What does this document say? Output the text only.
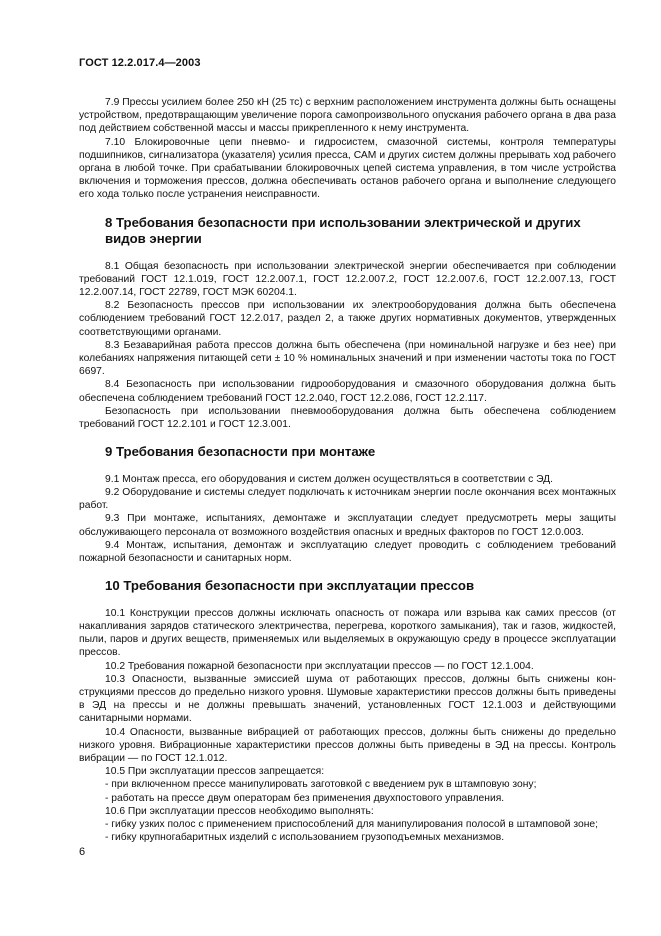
ГОСТ 12.2.017.4—2003

7.9 Прессы усилием более 250 кН (25 тс) с верхним расположением инструмента должны быть оснащены устройством, предотвращающим увеличение порога самопроизвольного опускания рабочего органа в два раза под действием собственной массы и массы прикрепленного к нему инструмента.

7.10 Блокировочные цепи пневмо- и гидросистем, смазочной системы, контроля температуры подшипников, сигнализатора (указателя) усилия пресса, САМ и других систем должны прерывать ход рабочего органа в любой точке. При срабатывании блокировочных цепей система управления, в том числе устройства включения и торможения прессов, должна обеспечивать останов рабочего органа и выполнение следующего его хода только после устранения неисправности.

8 Требования безопасности при использовании электрической и других видов энергии

8.1 Общая безопасность при использовании электрической энергии обеспечивается при соблюдении требований ГОСТ 12.1.019, ГОСТ 12.2.007.1, ГОСТ 12.2.007.2, ГОСТ 12.2.007.6, ГОСТ 12.2.007.13, ГОСТ 12.2.007.14, ГОСТ 22789, ГОСТ МЭК 60204.1.

8.2 Безопасность прессов при использовании их электрооборудования должна быть обеспечена соблюдением требований ГОСТ 12.2.017, раздел 2, а также других нормативных документов, утвержденных соответствующими органами.

8.3 Безаварийная работа прессов должна быть обеспечена (при номинальной нагрузке и без нее) при колебаниях напряжения питающей сети ± 10 % номинальных значений и при изменении частоты тока по ГОСТ 6697.

8.4 Безопасность при использовании гидрооборудования и смазочного оборудования должна быть обеспечена соблюдением требований ГОСТ 12.2.040, ГОСТ 12.2.086, ГОСТ 12.2.117.

Безопасность при использовании пневмооборудования должна быть обеспечена соблюдением требований ГОСТ 12.2.101 и ГОСТ 12.3.001.

9 Требования безопасности при монтаже

9.1 Монтаж пресса, его оборудования и систем должен осуществляться в соответствии с ЭД.

9.2 Оборудование и системы следует подключать к источникам энергии после окончания всех монтажных работ.

9.3 При монтаже, испытаниях, демонтаже и эксплуатации следует предусмотреть меры защиты обслуживающего персонала от возможного воздействия опасных и вредных факторов по ГОСТ 12.0.003.

9.4 Монтаж, испытания, демонтаж и эксплуатацию следует проводить с соблюдением требований пожарной безопасности и санитарных норм.

10 Требования безопасности при эксплуатации прессов

10.1 Конструкции прессов должны исключать опасность от пожара или взрыва как самих прессов (от накапливания зарядов статического электричества, перегрева, короткого замыкания), так и газов, жидкостей, пыли, паров и других веществ, применяемых или выделяемых в окружающую среду в процессе эксплуатации прессов.

10.2 Требования пожарной безопасности при эксплуатации прессов — по ГОСТ 12.1.004.

10.3 Опасности, вызванные эмиссией шума от работающих прессов, должны быть снижены конструкциями прессов до предельно низкого уровня. Шумовые характеристики прессов должны быть приведены в ЭД на прессы и не должны превышать значений, установленных ГОСТ 12.1.003 и действующими санитарными нормами.

10.4 Опасности, вызванные вибрацией от работающих прессов, должны быть снижены до предельно низкого уровня. Вибрационные характеристики прессов должны быть приведены в ЭД на прессы. Контроль вибрации — по ГОСТ 12.1.012.

10.5 При эксплуатации прессов запрещается:

- при включенном прессе манипулировать заготовкой с введением рук в штамповую зону;

- работать на прессе двум операторам без применения двухпостового управления.

10.6 При эксплуатации прессов необходимо выполнять:

- гибку узких полос с применением приспособлений для манипулирования полосой в штамповой зоне;

- гибку крупногабаритных изделий с использованием грузоподъемных механизмов.

6
